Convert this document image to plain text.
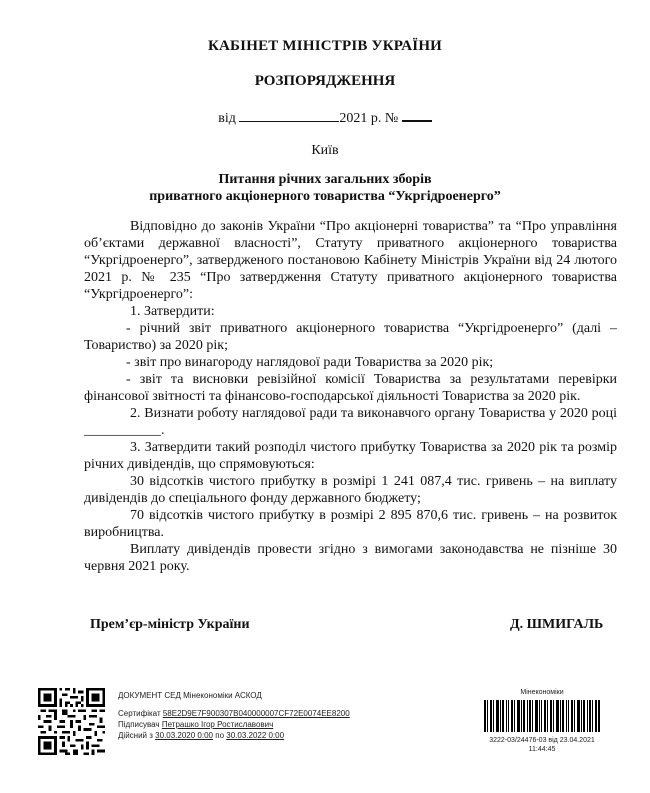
КАБІНЕТ МІНІСТРІВ УКРАЇНИ
РОЗПОРЯДЖЕННЯ
від	2021 р. №
Київ
Питання річних загальних зборів
приватного акціонерного товариства “Укргідроенерго”

Відповідно до законів України “Про акціонерні товариства” та “Про управління об’єктами державної власності”, Статуту приватного акціонерного товариства “Укргідроенерго”, затвердженого постановою Кабінету Міністрів України від 24 лютого 2021 р. № 235 “Про затвердження Статуту приватного акціонерного товариства “Укргідроенерго”:

1. Затвердити:

- річний звіт приватного акціонерного товариства “Укргідроенерго” (далі – Товариство) за 2020 рік;

- звіт про винагороду наглядової ради Товариства за 2020 рік;

- звіт та висновки ревізійної комісії Товариства за результатами перевірки фінансової звітності та фінансово-господарської діяльності Товариства за 2020 рік.

2. Визнати роботу наглядової ради та виконавчого органу Товариства у 2020 році ___________.

3. Затвердити такий розподіл чистого прибутку Товариства за 2020 рік та розмір річних дивідендів, що спрямовуються:

30 відсотків чистого прибутку в розмірі 1 241 087,4 тис. гривень – на виплату дивідендів до спеціального фонду державного бюджету;

70 відсотків чистого прибутку в розмірі 2 895 870,6 тис. гривень – на розвиток виробництва.

Виплату дивідендів провести згідно з вимогами законодавства не пізніше 30 червня 2021 року.

Прем’єр-міністр України	Д. ШМИГАЛЬ
ДОКУМЕНТ СЕД Мінекономіки АСКОД
Сертифікат 58E2D9E7F900307B040000007CF72E0074EE8200
Підписувач Петрашко Ігор Ростиславович
Дійсний з 30.03.2020 0:00 по 30.03.2022 0:00
Мінекономіки
3222-03/24476-03 від 23.04.2021
11:44:45
